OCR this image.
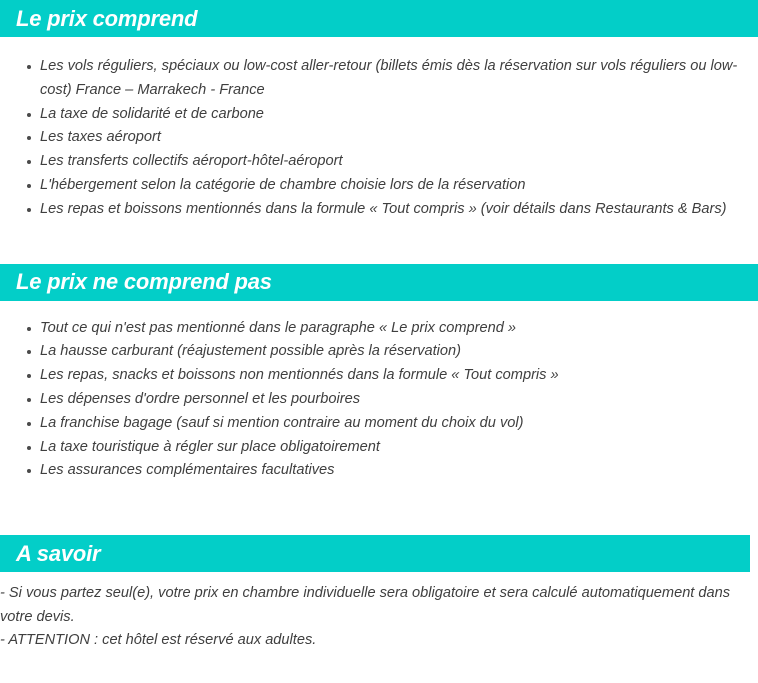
Le prix comprend
Les vols réguliers, spéciaux ou low-cost aller-retour (billets émis dès la réservation sur vols réguliers ou low-cost) France – Marrakech - France
La taxe de solidarité et de carbone
Les taxes aéroport
Les transferts collectifs aéroport-hôtel-aéroport
L'hébergement selon la catégorie de chambre choisie lors de la réservation
Les repas et boissons mentionnés dans la formule « Tout compris » (voir détails dans Restaurants & Bars)
Le prix ne comprend pas
Tout ce qui n'est pas mentionné dans le paragraphe « Le prix comprend »
La hausse carburant (réajustement possible après la réservation)
Les repas, snacks et boissons non mentionnés dans la formule « Tout compris »
Les dépenses d'ordre personnel et les pourboires
La franchise bagage (sauf si mention contraire au moment du choix du vol)
La taxe touristique à régler sur place obligatoirement
Les assurances complémentaires facultatives
A savoir
- Si vous partez seul(e), votre prix en chambre individuelle sera obligatoire et sera calculé automatiquement dans votre devis.
- ATTENTION : cet hôtel est réservé aux adultes.
